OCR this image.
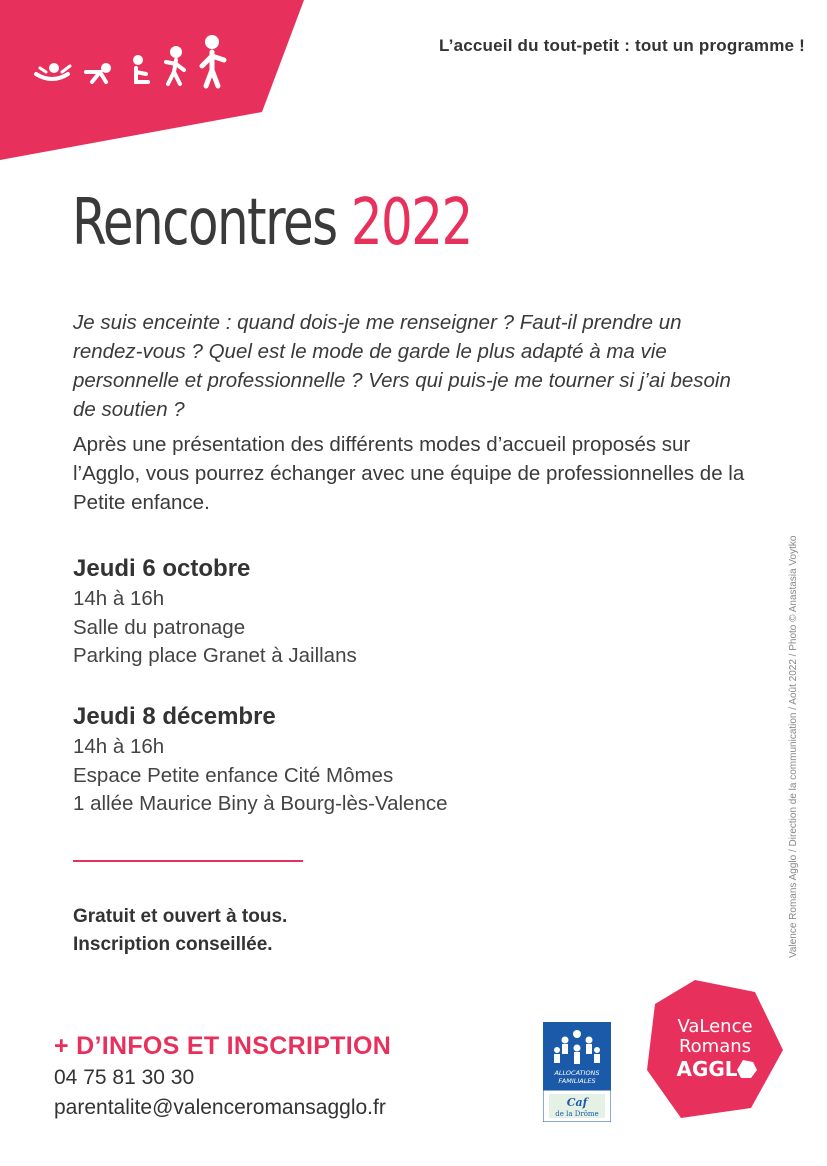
L’accueil du tout-petit : tout un programme !
Rencontres 2022

Je suis enceinte : quand dois-je me renseigner ? Faut-il prendre un rendez-vous ? Quel est le mode de garde le plus adapté à ma vie personnelle et professionnelle ? Vers qui puis-je me tourner si j’ai besoin de soutien ?

Après une présentation des différents modes d’accueil proposés sur l’Agglo, vous pourrez échanger avec une équipe de professionnelles de la Petite enfance.

Jeudi 6 octobre
14h à 16h
Salle du patronage
Parking place Granet à Jaillans
Jeudi 8 décembre
14h à 16h
Espace Petite enfance Cité Mômes
1 allée Maurice Biny à Bourg-lès-Valence
Gratuit et ouvert à tous.
Inscription conseillée.
+ D’INFOS ET INSCRIPTION
04 75 81 30 30
parentalite@valenceromansagglo.fr
Valence Romans Agglo / Direction de la communication / Août 2022 / Photo © Anastasia Voytko
ALLOCATIONS
FAMILIALES
Caf
de la Drôme
VaLence
Romans
AGGL
